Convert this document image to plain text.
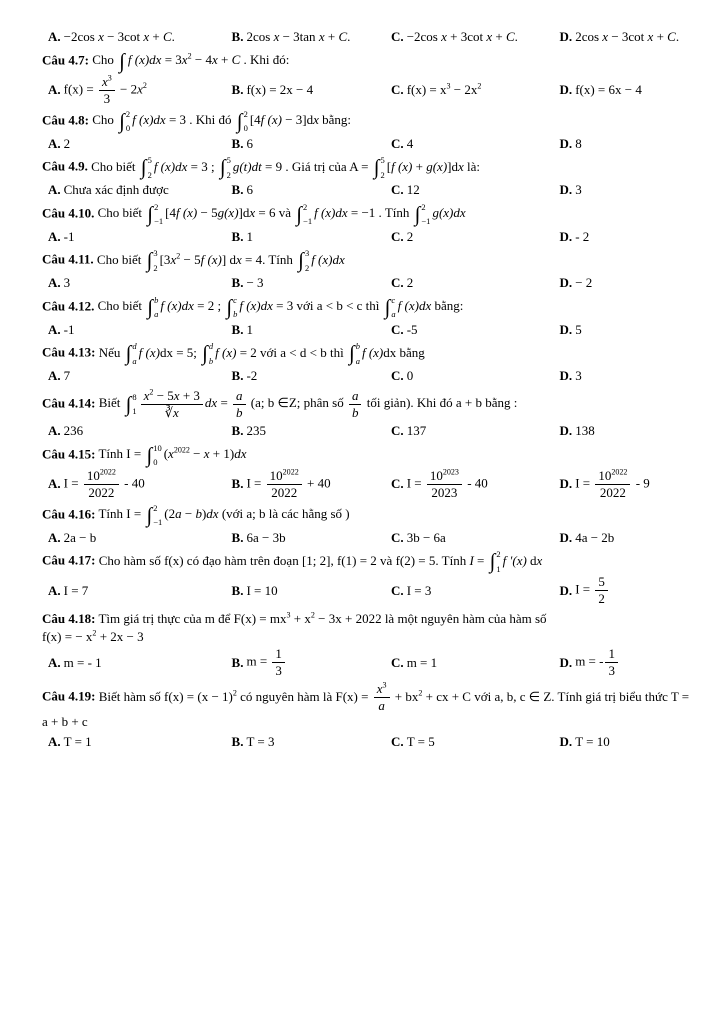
A. −2cos x − 3cot x + C.	B. 2cos x − 3tan x + C.	C. −2cos x + 3cot x + C.	D. 2cos x − 3cot x + C.
Câu 4.7: Cho ∫ f $(x)dx = 3x^2 - 4x + C$ . Khi đó:
A. $f(x) = \frac{x^3}{3} - 2x^2$	B. f(x) = 2x − 4	C. $f(x) = x^3 - 2x^2$	D. f(x) = 6x − 4
Câu 4.8: Cho ∫ 2
0
f (x)dx = 3 . Khi đó ∫ 2
0
[4f (x) − 3]dx bằng:
A. 2	B. 6	C. 4	D. 8
Câu 4.9. Cho biết ∫ 5
2
f (x)dx = 3 ; ∫ 5
2
g(t)dt = 9 . Giá trị của A = ∫ 5
2
[f (x) + g(x)]dx là:
A. Chưa xác định được	B. 6	C. 12	D. 3
Câu 4.10. Cho biết ∫ 2
−1
[4f (x) − 5g(x)]dx = 6 và ∫ 2
−1
f (x)dx = −1 . Tính ∫ 2
−1
g(x)dx
A. -1	B. 1	C. 2	D. - 2
Câu 4.11. Cho biết ∫ 3
2
[$3x^2 - 5f$ (x)] dx = 4. Tính ∫ 3
2
f (x)dx
A. 3	B. − 3	C. 2	D. − 2
Câu 4.12. Cho biết ∫ b
a
f (x)dx = 2 ; ∫ c
b
f (x)dx = 3 với a < b < c thì ∫ c
a
f (x)dx bằng:
A. -1	B. 1	C. -5	D. 5
Câu 4.13: Nếu ∫ d
a
f (x)dx = 5; ∫ d
b
f (x) = 2 với a < d < b thì ∫ b
a
f (x)dx bằng
A. 7	B. -2	C. 0	D. 3
Câu 4.14: Biết ∫ 8
$1 \frac{x^2 - 5x + 3}{∛x}$ dx = $\frac{a}{b} (a$; b ∈Z; phân số $\frac{a}{b}$ tối giản). Khi đó a + b bằng :
A. 236	B. 235	C. 137	D. 138
Câu 4.15: Tính I = ∫ 10
0
$(x^{2022} - x + 1)dx$
A. $I = \frac{10^{2022}}{2022} - 40$	B. $I = \frac{10^{2022}}{2022} + 40$	C. $I = \frac{10^{2023}}{2023} - 40$	D. $I = \frac{10^{2022}}{2022} - 9$
Câu 4.16: Tính I = ∫ 2
−1
(2a − b)dx (với a; b là các hằng số )
A. 2a − b	B. 6a − 3b	C. 3b − 6a	D. 4a − 2b
Câu 4.17: Cho hàm số f(x) có đạo hàm trên đoạn [1; 2], f(1) = 2 và f(2) = 5. Tính I = ∫ 2
1
f ′(x) dx
A. I = 7	B. I = 10	C. I = 3	D. $I = \frac{5}{2}$
Câu 4.18: Tìm giá trị thực của m để $F(x) = mx^3 + x^2 - 3x + 2022$ là một nguyên hàm của hàm số
f(x) = − $x^2 + 2x - 3$
A. m = - 1	B. $m = \frac{1}{3}$	C. m = 1	D. m = - $\frac{1}{3}$
Câu 4.19: Biết hàm số $f(x) = (x - 1)^2$ có nguyên hàm là $F(x) = \frac{x^3}{a} + bx^2$ + cx + C với a, b, c ∈ Z. Tính giá trị biểu thức T = a + b + c
A. T = 1	B. T = 3	C. T = 5	D. T = 10
